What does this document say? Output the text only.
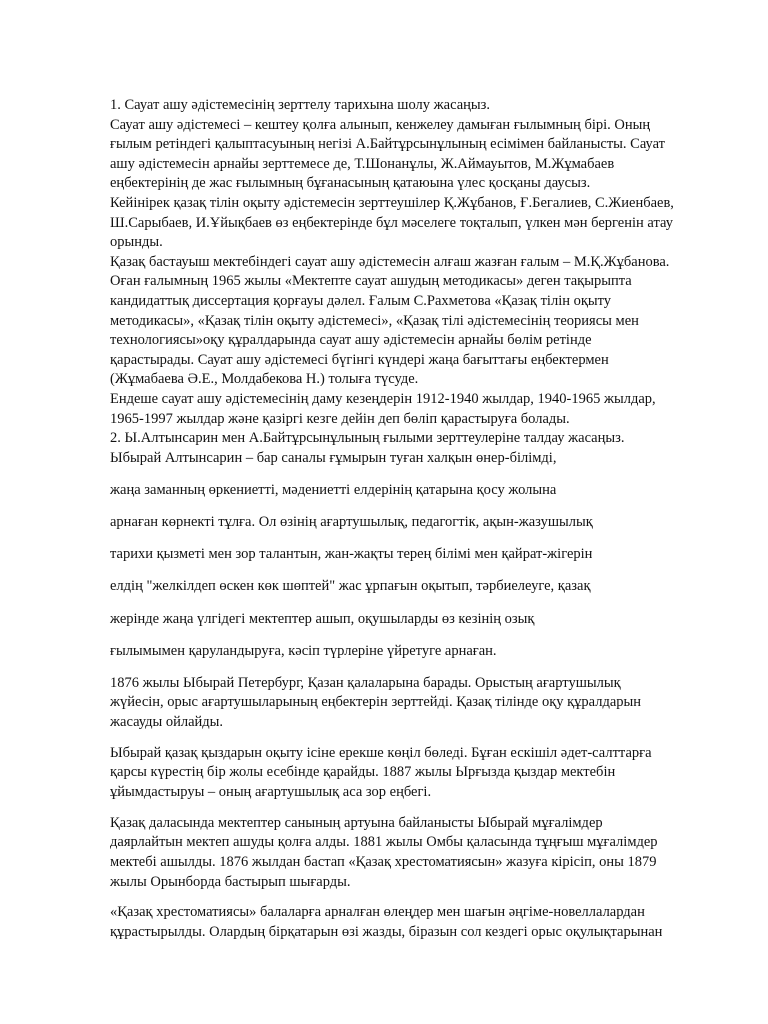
1. Сауат ашу әдістемесінің зерттелу тарихына шолу жасаңыз.
Сауат ашу әдістемесі – кештеу қолға алынып, кенжелеу дамыған ғылымның бірі. Оның
ғылым ретіндегі қалыптасуының негізі А.Байтұрсынұлының есімімен байланысты. Сауат
ашу әдістемесін арнайы зерттемесе де, Т.Шонанұлы, Ж.Аймауытов, М.Жұмабаев
еңбектерінің де жас ғылымның бұғанасының қатаюына үлес қосқаны даусыз.
Кейінірек қазақ тілін оқыту әдістемесін зерттеушілер Қ.Жұбанов, Ғ.Бегалиев, С.Жиенбаев,
Ш.Сарыбаев, И.Ұйықбаев өз еңбектерінде бұл мәселеге тоқталып, үлкен мән бергенін атау
орынды.
Қазақ бастауыш мектебіндегі сауат ашу әдістемесін алғаш жазған ғалым – М.Қ.Жұбанова.
Оған ғалымның 1965 жылы «Мектепте сауат ашудың методикасы» деген тақырыпта
кандидаттық диссертация қорғауы дәлел. Ғалым С.Рахметова «Қазақ тілін оқыту
методикасы», «Қазақ тілін оқыту әдістемесі», «Қазақ тілі әдістемесінің теориясы мен
технологиясы»оқу құралдарында сауат ашу әдістемесін арнайы бөлім ретінде
қарастырады. Сауат ашу әдістемесі бүгінгі күндері жаңа бағыттағы еңбектермен
(Жұмабаева Ә.Е., Молдабекова Н.) толыға түсуде.
Ендеше сауат ашу әдістемесінің даму кезеңдерін 1912-1940 жылдар, 1940-1965 жылдар,
1965-1997 жылдар және қазіргі кезге дейін деп бөліп қарастыруға болады.
2. Ы.Алтынсарин мен А.Байтұрсынұлының ғылыми зерттеулеріне талдау жасаңыз.
Ыбырай Алтынсарин – бар саналы ғұмырын туған халқын өнер-білімді,
жаңа заманның өркениетті, мәдениетті елдерінің қатарына қосу жолына
арнаған көрнекті тұлға. Ол өзінің ағартушылық, педагогтік, ақын-жазушылық
тарихи қызметі мен зор талантын, жан-жақты терең білімі мен қайрат-жігерін
елдің "желкілдеп өскен көк шөптей" жас ұрпағын оқытып, тәрбиелеуге, қазақ
жерінде жаңа үлгідегі мектептер ашып, оқушыларды өз кезінің озық
ғылымымен қаруландыруға, кәсіп түрлеріне үйретуге арнаған.
1876 жылы Ыбырай Петербург, Қазан қалаларына барады. Орыстың ағартушылық
жүйесін, орыс ағартушыларының еңбектерін зерттейді. Қазақ тілінде оқу құралдарын
жасауды ойлайды.
Ыбырай қазақ қыздарын оқыту ісіне ерекше көңіл бөледі. Бұған ескішіл әдет-салттарға
қарсы күрестің бір жолы есебінде қарайды. 1887 жылы Ырғызда қыздар мектебін
ұйымдастыруы – оның ағартушылық аса зор еңбегі.
Қазақ даласында мектептер санының артуына байланысты Ыбырай мұғалімдер
даярлайтын мектеп ашуды қолға алды. 1881 жылы Омбы қаласында тұңғыш мұғалімдер
мектебі ашылды. 1876 жылдан бастап «Қазақ хрестоматиясын» жазуға кірісіп, оны 1879
жылы Орынборда бастырып шығарды.
«Қазақ хрестоматиясы» балаларға арналған өлеңдер мен шағын әңгіме-новеллалардан
құрастырылды. Олардың бірқатарын өзі жазды, біразын сол кездегі орыс оқулықтарынан
